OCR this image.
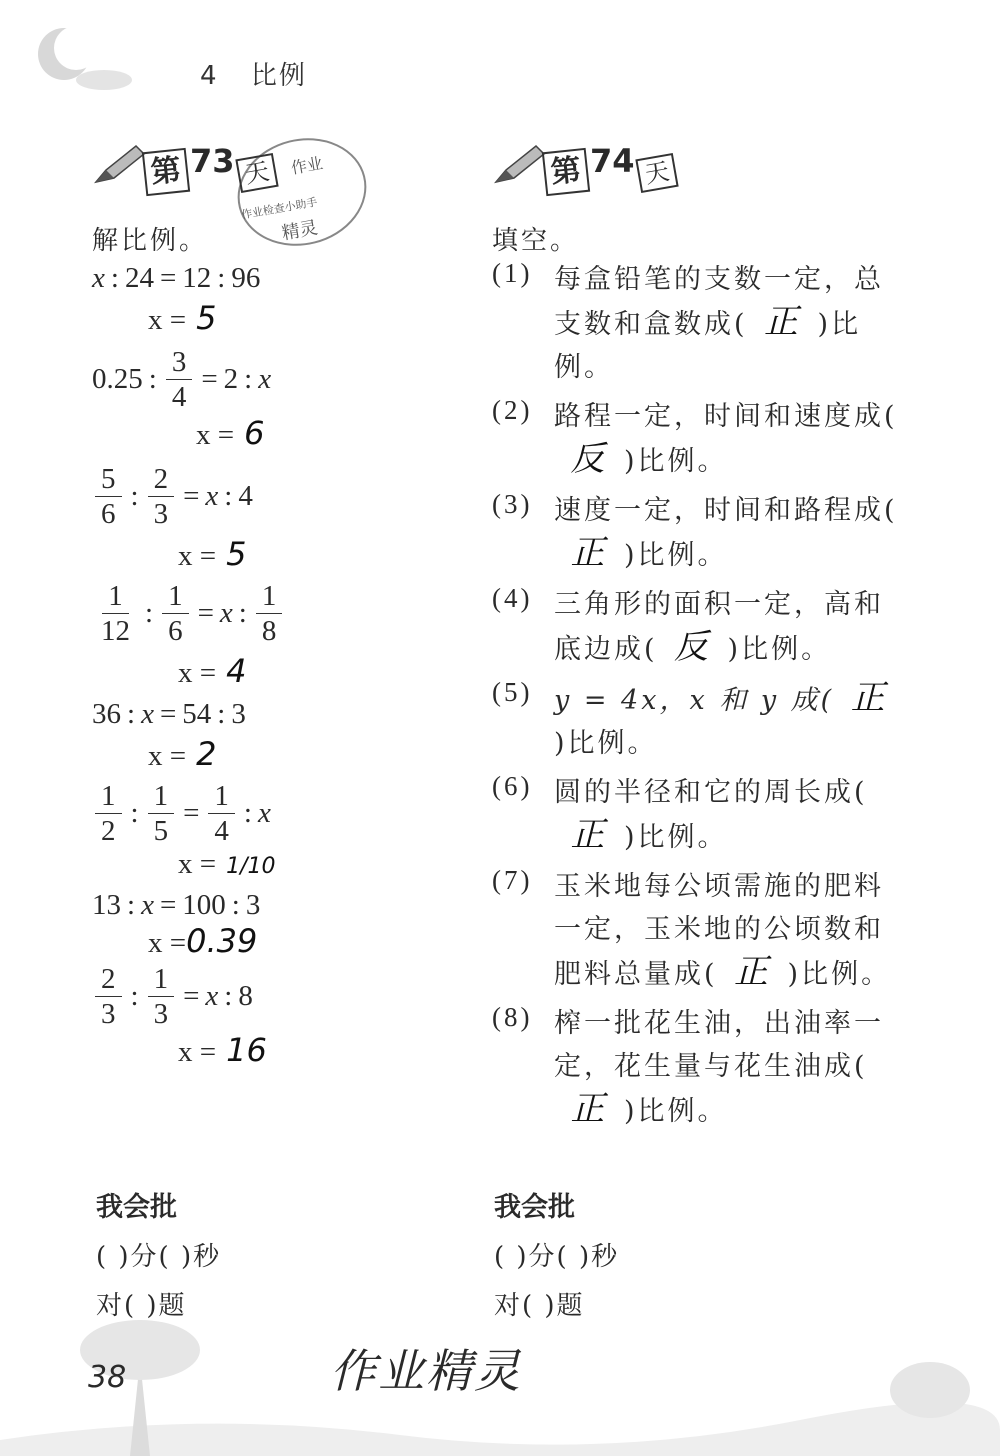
4 比例
作业
作业检查小助手
精灵
第 73 天
解比例。
x : 24 = 12 : 96
x = 5
0.25 : $\frac{3}{4} = 2$ : x
x = 6
$\frac{5}{6}$ : $\frac{2}{3} = x$ : 4
x = 5
$\frac{1}{12}$ : $\frac{1}{6} = x$ : $\frac{1}{8}$
x = 4
36 : x = 54 : 3
x = 2
$\frac{1}{2}$ : $\frac{1}{5} = \frac{1}{4}$ : x
x = 1/10
13 : x = 100 : 3
x =0.39
$\frac{2}{3}$ : $\frac{1}{3} = x$ : 8
x = 16
第 74 天
填空。
(1) 每盒铅笔的支数一定，总支数和盒数成( 正 )比例。
(2) 路程一定，时间和速度成(反 )比例。
(3) 速度一定，时间和路程成(正 )比例。
(4) 三角形的面积一定，高和底边成( 反 )比例。
(5) y = 4x，x 和 y 成( 正)比例。
(6) 圆的半径和它的周长成(正 )比例。
(7) 玉米地每公顷需施的肥料一定，玉米地的公顷数和肥料总量成( 正 )比例。
(8) 榨一批花生油，出油率一定，花生量与花生油成(正 )比例。
我会批
( )分( )秒
对( )题
我会批
( )分( )秒
对( )题
38	作业精灵
